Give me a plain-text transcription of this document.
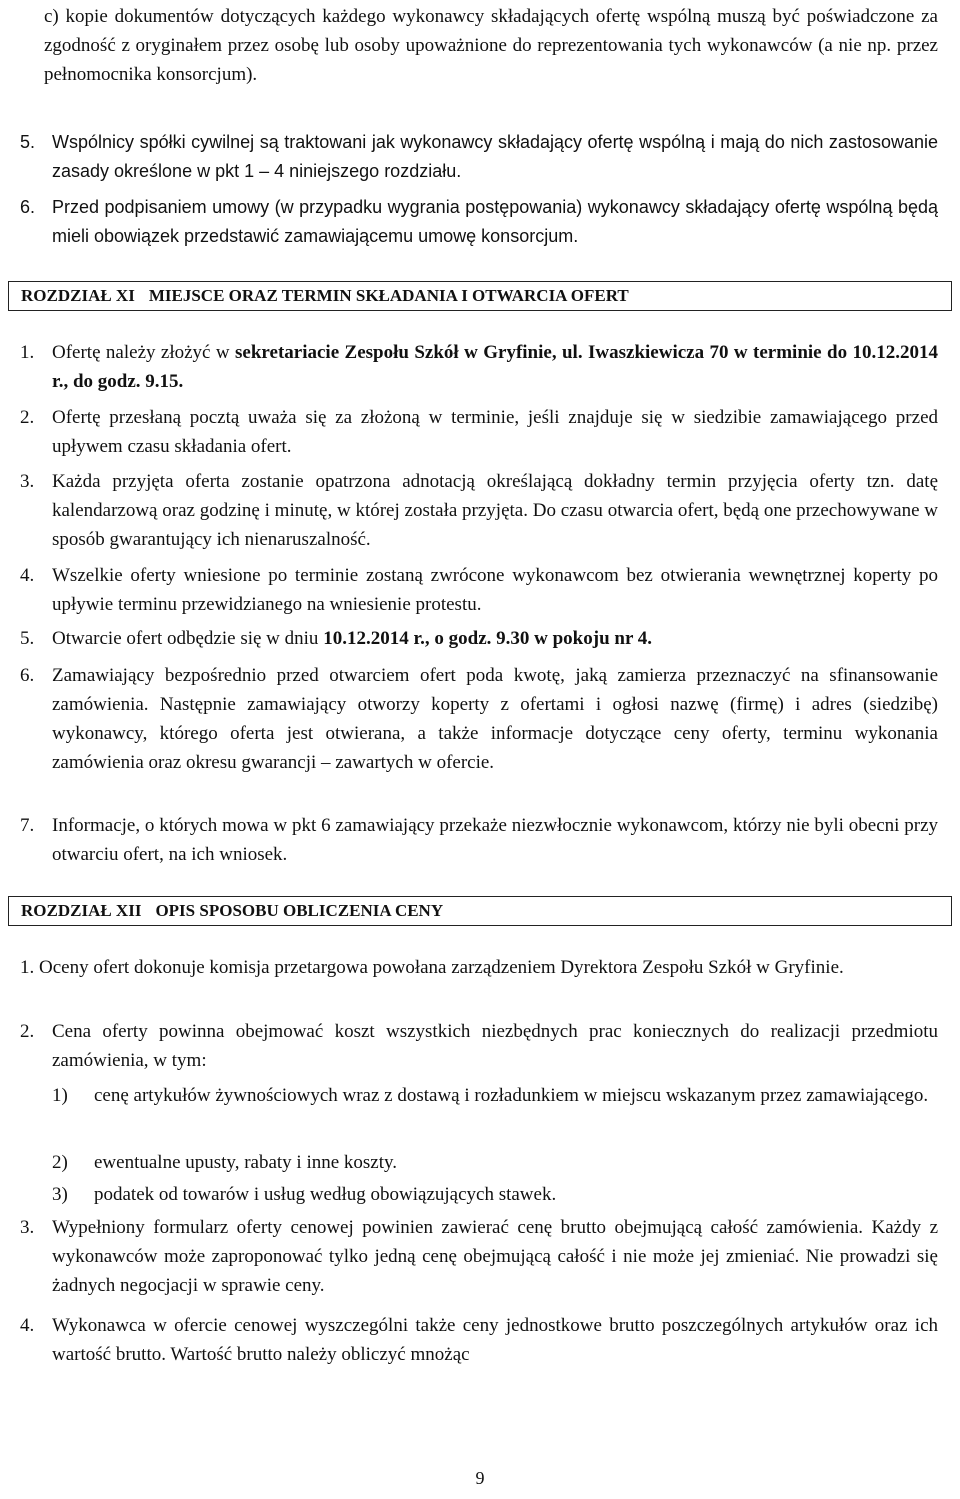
c) kopie dokumentów dotyczących każdego wykonawcy składających ofertę wspólną muszą być poświadczone za zgodność z oryginałem przez osobę lub osoby upoważnione do reprezentowania tych wykonawców (a nie np. przez pełnomocnika konsorcjum).

5. Wspólnicy spółki cywilnej są traktowani jak wykonawcy składający ofertę wspólną i mają do nich zastosowanie zasady określone w pkt 1 – 4 niniejszego rozdziału.
6. Przed podpisaniem umowy (w przypadku wygrania postępowania) wykonawcy składający ofertę wspólną będą mieli obowiązek przedstawić zamawiającemu umowę konsorcjum.
ROZDZIAŁ XI MIEJSCE ORAZ TERMIN SKŁADANIA I OTWARCIA OFERT
1. Ofertę należy złożyć w sekretariacie Zespołu Szkół w Gryfinie, ul. Iwaszkiewicza 70 w terminie do 10.12.2014 r., do godz. 9.15.
2. Ofertę przesłaną pocztą uważa się za złożoną w terminie, jeśli znajduje się w siedzibie zamawiającego przed upływem czasu składania ofert.
3. Każda przyjęta oferta zostanie opatrzona adnotacją określającą dokładny termin przyjęcia oferty tzn. datę kalendarzową oraz godzinę i minutę, w której została przyjęta. Do czasu otwarcia ofert, będą one przechowywane w sposób gwarantujący ich nienaruszalność.
4. Wszelkie oferty wniesione po terminie zostaną zwrócone wykonawcom bez otwierania wewnętrznej koperty po upływie terminu przewidzianego na wniesienie protestu.
5. Otwarcie ofert odbędzie się w dniu 10.12.2014 r., o godz. 9.30 w pokoju nr 4.
6. Zamawiający bezpośrednio przed otwarciem ofert poda kwotę, jaką zamierza przeznaczyć na sfinansowanie zamówienia. Następnie zamawiający otworzy koperty z ofertami i ogłosi nazwę (firmę) i adres (siedzibę) wykonawcy, którego oferta jest otwierana, a także informacje dotyczące ceny oferty, terminu wykonania zamówienia oraz okresu gwarancji – zawartych w ofercie.
7. Informacje, o których mowa w pkt 6 zamawiający przekaże niezwłocznie wykonawcom, którzy nie byli obecni przy otwarciu ofert, na ich wniosek.
ROZDZIAŁ XII OPIS SPOSOBU OBLICZENIA CENY

1. Oceny ofert dokonuje komisja przetargowa powołana zarządzeniem Dyrektora Zespołu Szkół w Gryfinie.

2. Cena oferty powinna obejmować koszt wszystkich niezbędnych prac koniecznych do realizacji przedmiotu zamówienia, w tym:
1)	cenę artykułów żywnościowych wraz z dostawą i rozładunkiem w miejscu wskazanym przez zamawiającego.
2)	ewentualne upusty, rabaty i inne koszty.
3)	podatek od towarów i usług według obowiązujących stawek.
3. Wypełniony formularz oferty cenowej powinien zawierać cenę brutto obejmującą całość zamówienia. Każdy z wykonawców może zaproponować tylko jedną cenę obejmującą całość i nie może jej zmieniać. Nie prowadzi się żadnych negocjacji w sprawie ceny.
4. Wykonawca w ofercie cenowej wyszczególni także ceny jednostkowe brutto poszczególnych artykułów oraz ich wartość brutto. Wartość brutto należy obliczyć mnożąc
9
